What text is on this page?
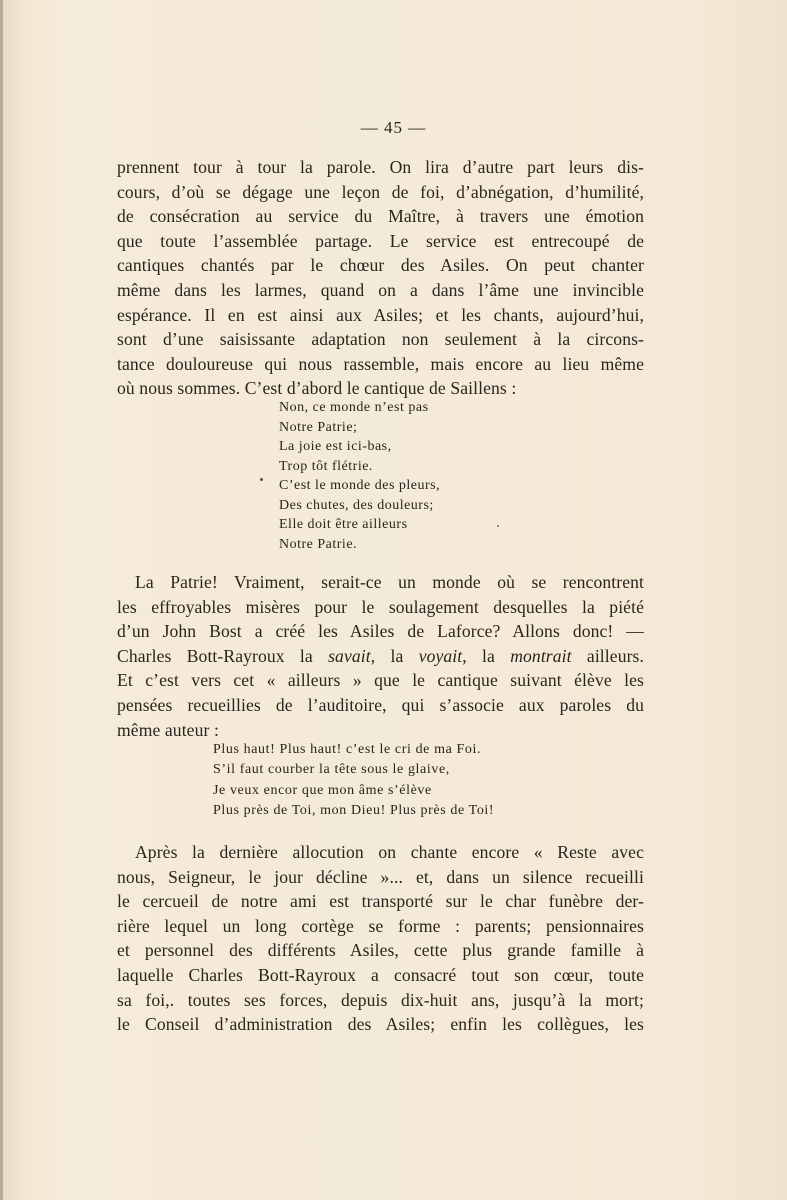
— 45 —
prennent tour à tour la parole. On lira d’autre part leurs dis-
cours, d’où se dégage une leçon de foi, d’abnégation, d’humilité,
de consécration au service du Maître, à travers une émotion
que toute l’assemblée partage. Le service est entrecoupé de
cantiques chantés par le chœur des Asiles. On peut chanter
même dans les larmes, quand on a dans l’âme une invincible
espérance. Il en est ainsi aux Asiles; et les chants, aujourd’hui,
sont d’une saisissante adaptation non seulement à la circons-
tance douloureuse qui nous rassemble, mais encore au lieu même
où nous sommes. C’est d’abord le cantique de Saillens :
Non, ce monde n’est pas
Notre Patrie;
La joie est ici-bas,
Trop tôt flétrie.
C’est le monde des pleurs,
Des chutes, des douleurs;
Elle doit être ailleurs
Notre Patrie.
La Patrie! Vraiment, serait-ce un monde où se rencontrent
les effroyables misères pour le soulagement desquelles la piété
d’un John Bost a créé les Asiles de Laforce? Allons donc! —
Charles Bott-Rayroux la savait, la voyait, la montrait ailleurs.
Et c’est vers cet « ailleurs » que le cantique suivant élève les
pensées recueillies de l’auditoire, qui s’associe aux paroles du
même auteur :
Plus haut! Plus haut! c’est le cri de ma Foi.
S’il faut courber la tête sous le glaive,
Je veux encor que mon âme s’élève
Plus près de Toi, mon Dieu! Plus près de Toi!
Après la dernière allocution on chante encore « Reste avec
nous, Seigneur, le jour décline »... et, dans un silence recueilli
le cercueil de notre ami est transporté sur le char funèbre der-
rière lequel un long cortège se forme : parents; pensionnaires
et personnel des différents Asiles, cette plus grande famille à
laquelle Charles Bott-Rayroux a consacré tout son cœur, toute
sa foi,. toutes ses forces, depuis dix-huit ans, jusqu’à la mort;
le Conseil d’administration des Asiles; enfin les collègues, les
